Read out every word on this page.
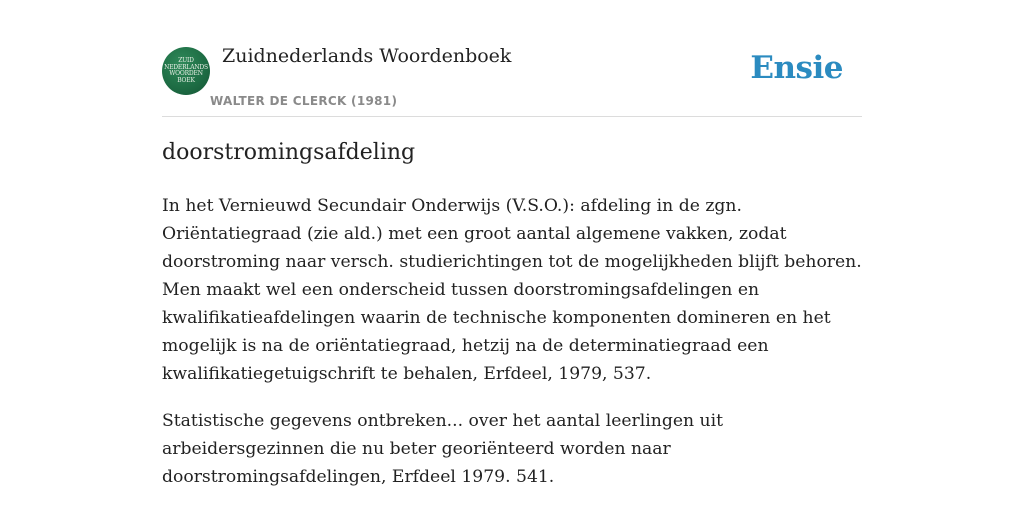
ZUID
NEDERLANDS
WOORDEN
BOEK
Zuidnederlands Woordenboek
WALTER DE CLERCK (1981)
Ensie
doorstromingsafdeling

In het Vernieuwd Secundair Onderwijs (V.S.O.): afdeling in de zgn. Oriëntatiegraad (zie ald.) met een groot aantal algemene vakken, zodat doorstroming naar versch. studierichtingen tot de mogelijkheden blijft behoren. Men maakt wel een onderscheid tussen doorstromingsafdelingen en kwalifikatieafdelingen waarin de technische komponenten domineren en het mogelijk is na de oriëntatiegraad, hetzij na de determinatiegraad een kwalifikatiegetuigschrift te behalen, Erfdeel, 1979, 537.

Statistische gegevens ontbreken... over het aantal leerlingen uit arbeidersgezinnen die nu beter georiënteerd worden naar doorstromingsafdelingen, Erfdeel 1979. 541.
